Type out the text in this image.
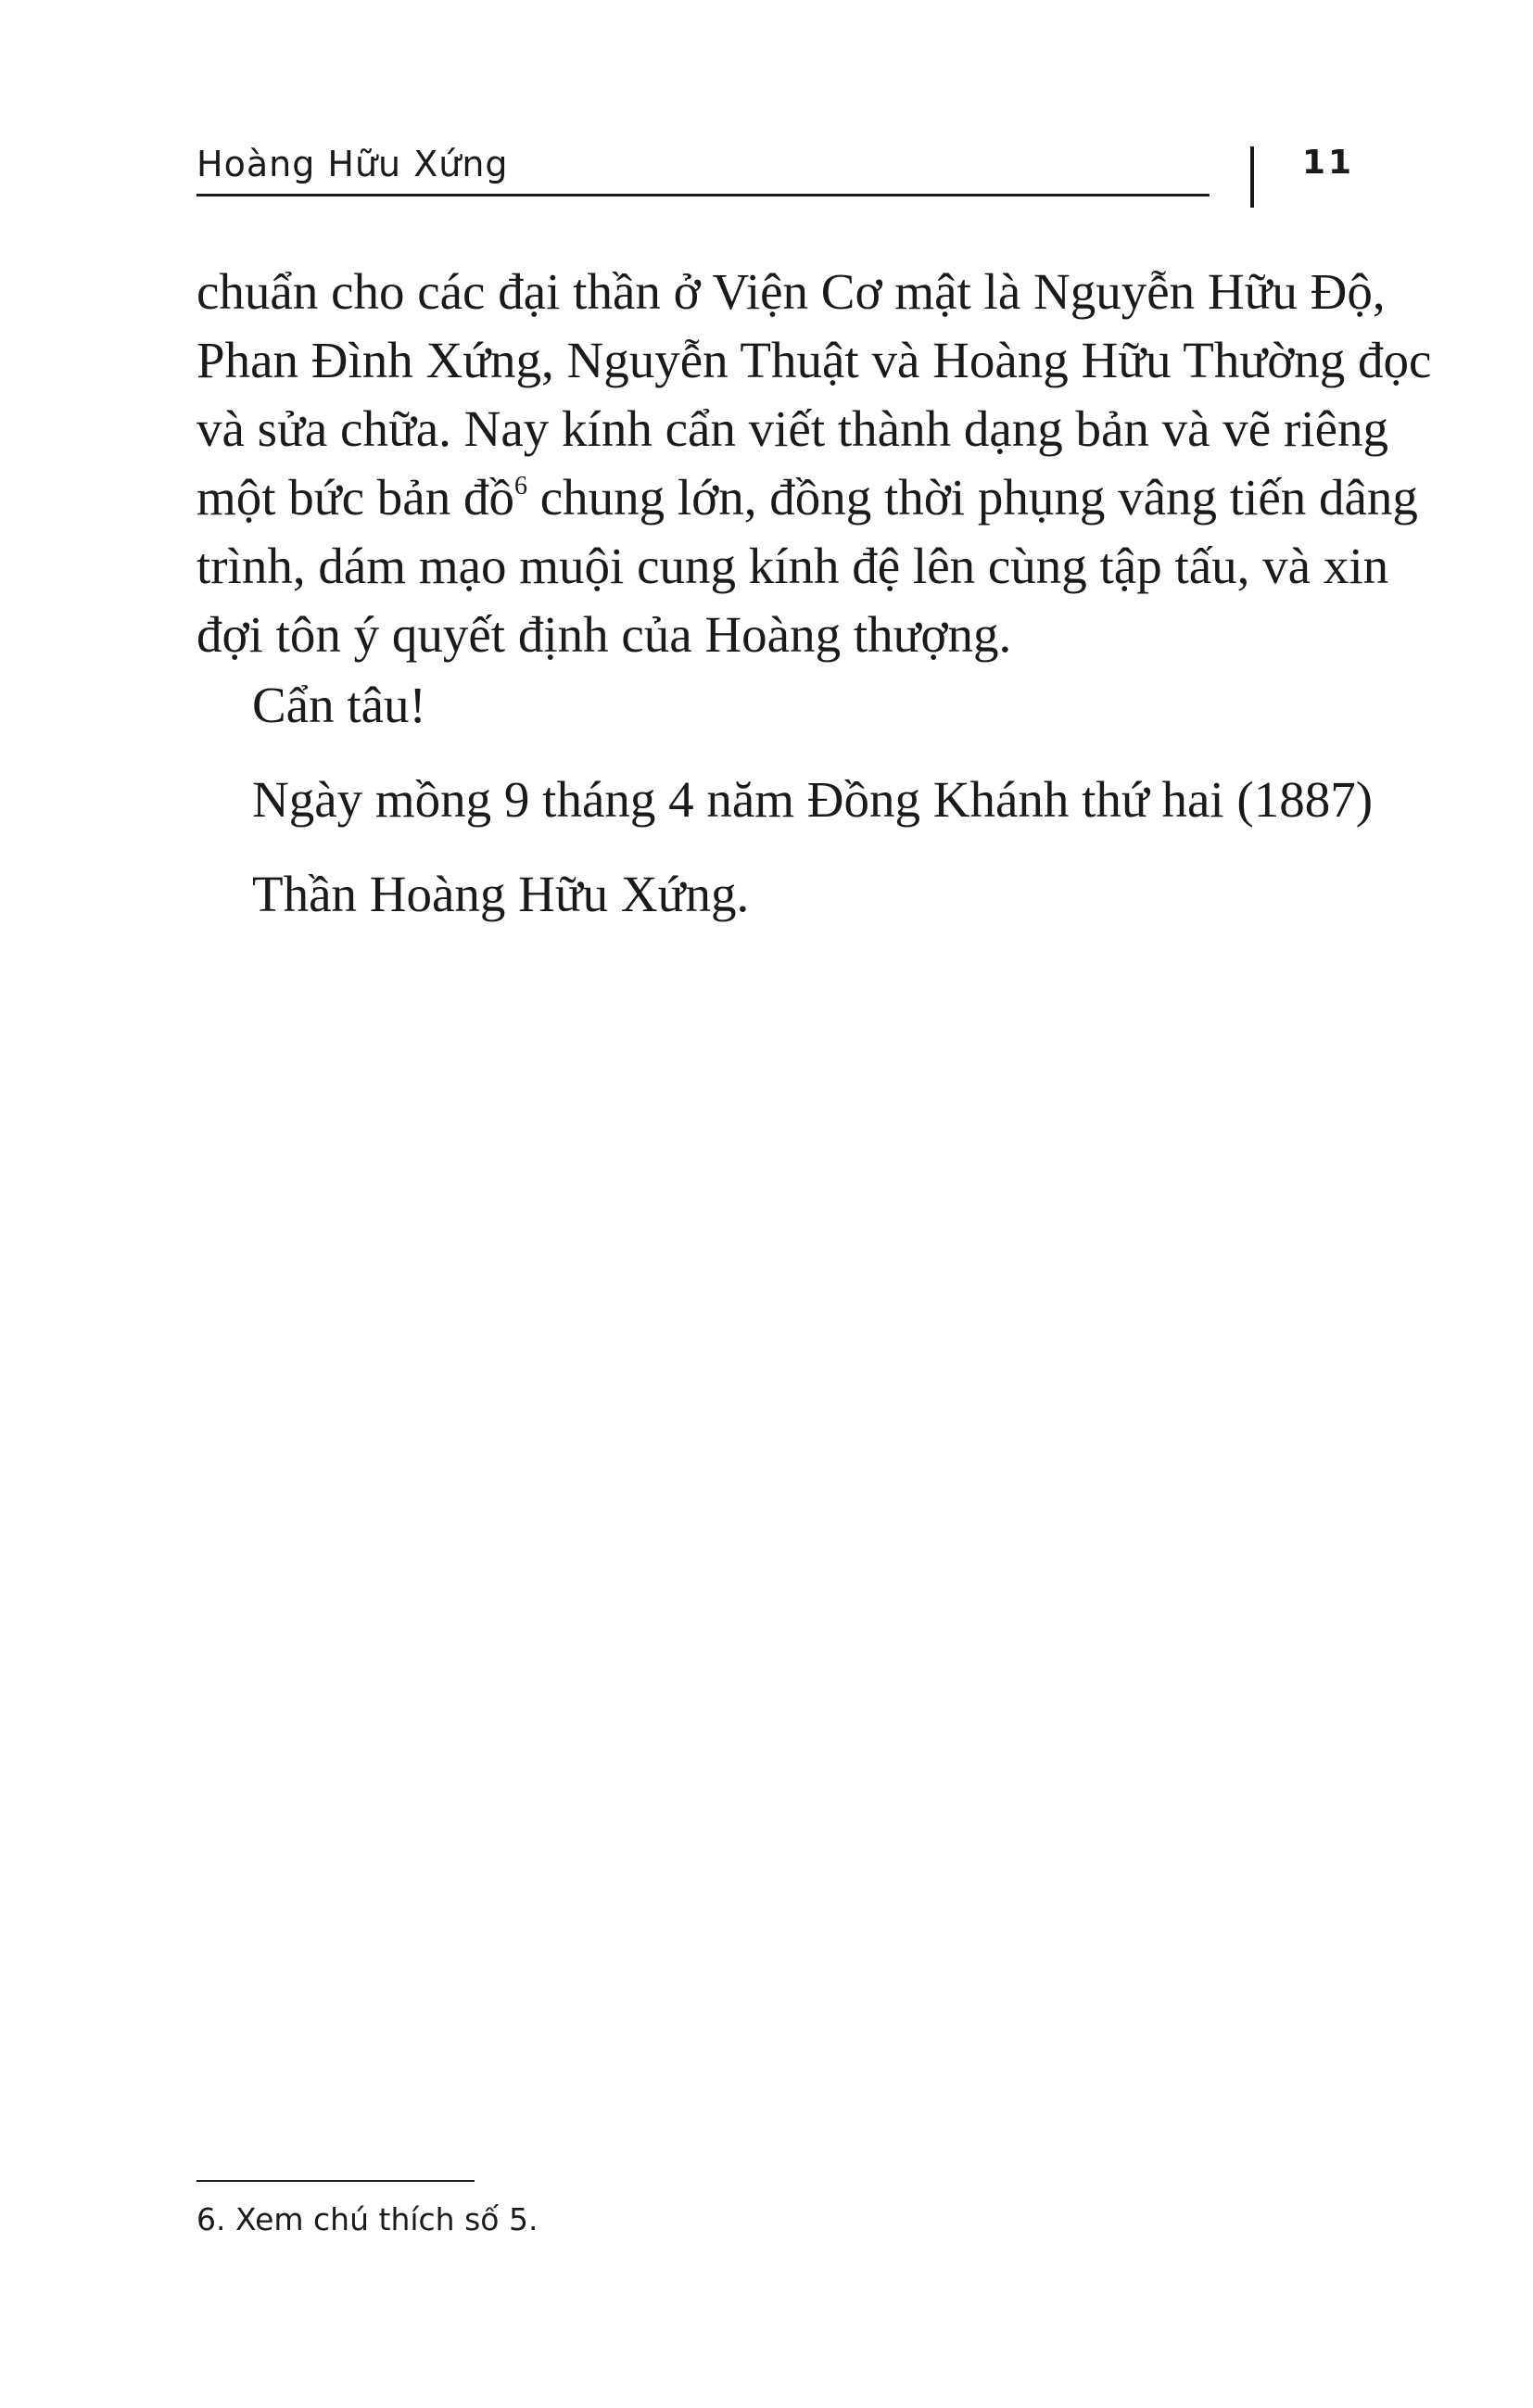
Hoàng Hữu Xứng	11
chuẩn cho các đại thần ở Viện Cơ mật là Nguyễn Hữu Độ,
Phan Đình Xứng, Nguyễn Thuật và Hoàng Hữu Thường đọc
và sửa chữa. Nay kính cẩn viết thành dạng bản và vẽ riêng
một bức bản đồ$^6$ chung lớn, đồng thời phụng vâng tiến dâng
trình, dám mạo muội cung kính đệ lên cùng tập tấu, và xin
đợi tôn ý quyết định của Hoàng thượng.
Cẩn tâu!
Ngày mồng 9 tháng 4 năm Đồng Khánh thứ hai (1887)
Thần Hoàng Hữu Xứng.
6. Xem chú thích số 5.
